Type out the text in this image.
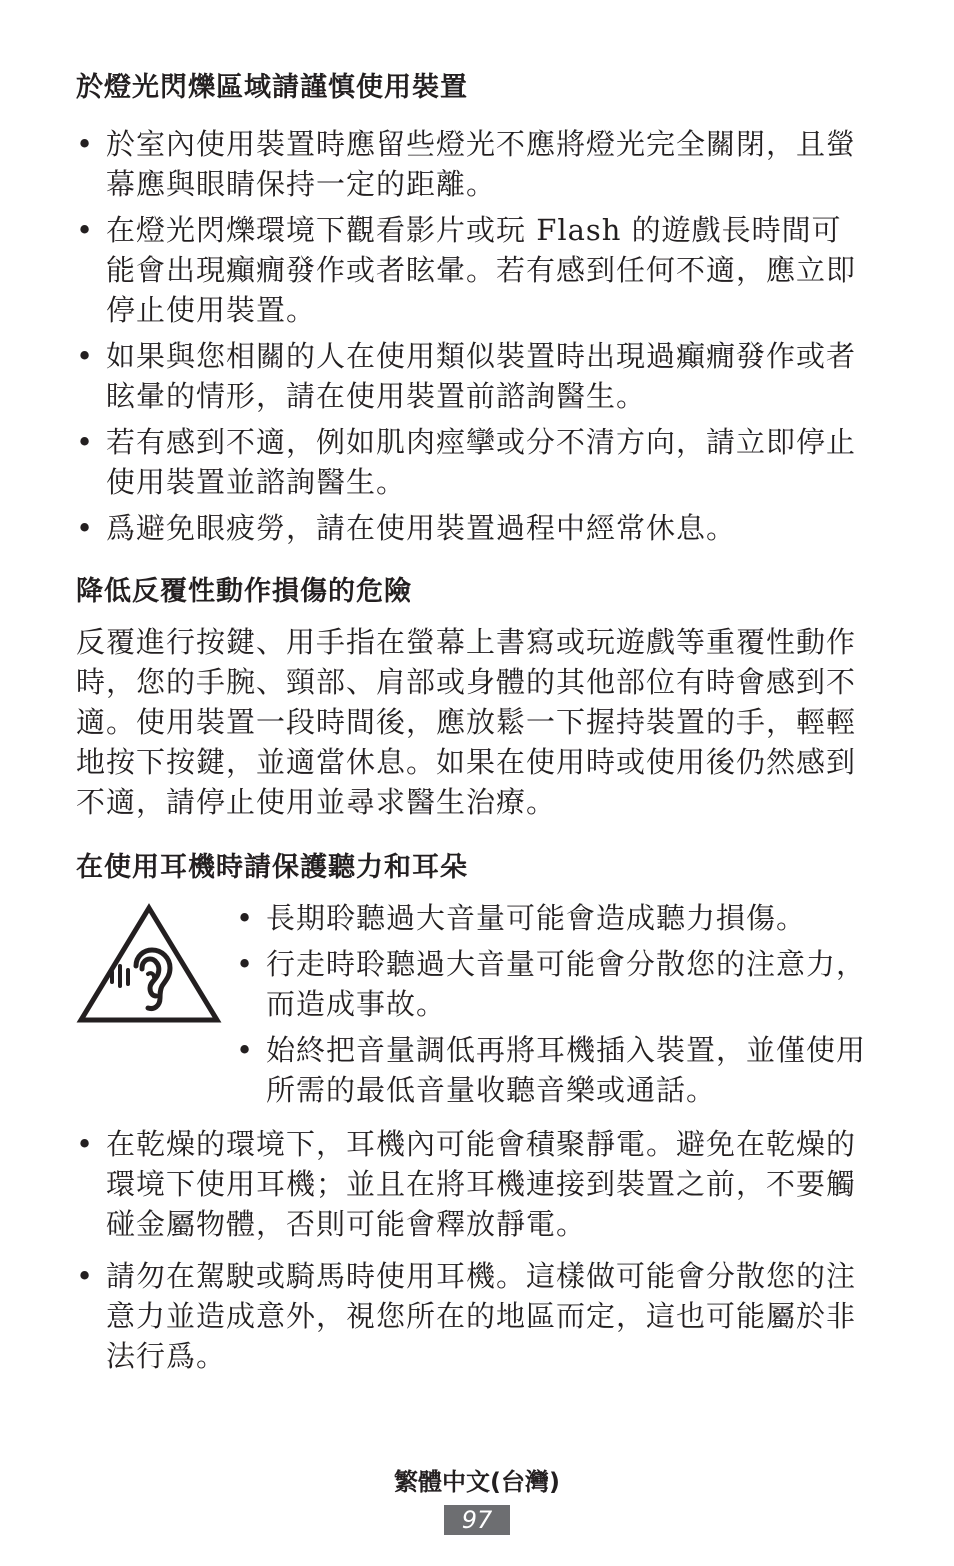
於燈光閃爍區域請謹慎使用裝置
• 於室內使用裝置時應留些燈光不應將燈光完全關閉，且螢幕應與眼睛保持一定的距離。
• 在燈光閃爍環境下觀看影片或玩 Flash 的遊戲長時間可能會出現癲癇發作或者眩暈。若有感到任何不適，應立即停止使用裝置。
• 如果與您相關的人在使用類似裝置時出現過癲癇發作或者眩暈的情形，請在使用裝置前諮詢醫生。
• 若有感到不適，例如肌肉痙攣或分不清方向，請立即停止使用裝置並諮詢醫生。
• 爲避免眼疲勞，請在使用裝置過程中經常休息。
降低反覆性動作損傷的危險

反覆進行按鍵、用手指在螢幕上書寫或玩遊戲等重覆性動作時，您的手腕、頸部、肩部或身體的其他部位有時會感到不適。使用裝置一段時間後，應放鬆一下握持裝置的手，輕輕地按下按鍵，並適當休息。如果在使用時或使用後仍然感到不適，請停止使用並尋求醫生治療。

在使用耳機時請保護聽力和耳朵
• 長期聆聽過大音量可能會造成聽力損傷。
• 行走時聆聽過大音量可能會分散您的注意力，而造成事故。
• 始終把音量調低再將耳機插入裝置，並僅使用所需的最低音量收聽音樂或通話。
• 在乾燥的環境下，耳機內可能會積聚靜電。避免在乾燥的環境下使用耳機；並且在將耳機連接到裝置之前，不要觸碰金屬物體，否則可能會釋放靜電。
• 請勿在駕駛或騎馬時使用耳機。這樣做可能會分散您的注意力並造成意外，視您所在的地區而定，這也可能屬於非法行爲。
繁體中文(台灣)
97
